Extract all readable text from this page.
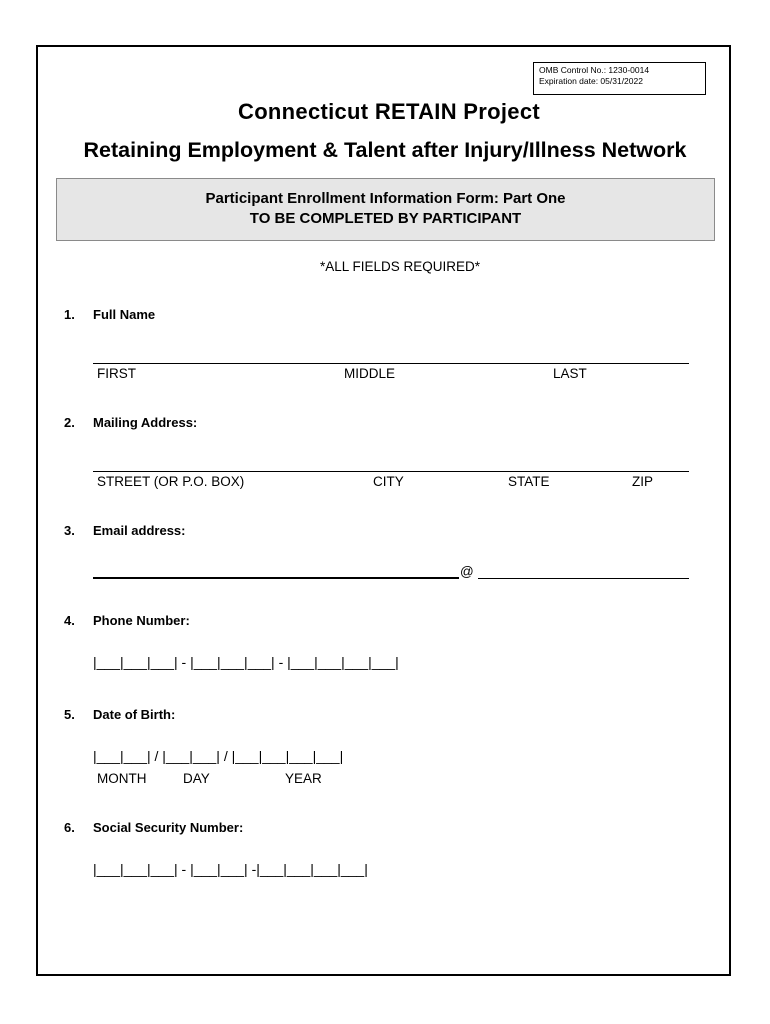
OMB Control No.: 1230-0014
Expiration date: 05/31/2022
Connecticut RETAIN Project
Retaining Employment & Talent after Injury/Illness Network
Participant Enrollment Information Form: Part One
TO BE COMPLETED BY PARTICIPANT
*ALL FIELDS REQUIRED*
1. Full Name
FIRST	MIDDLE	LAST
2. Mailing Address:
STREET (OR P.O. BOX)	CITY	STATE	ZIP
3. Email address:
@
4. Phone Number:
|___|___|___| - |___|___|___| - |___|___|___|___|
5. Date of Birth:
|___|___| / |___|___| / |___|___|___|___|
MONTH	DAY	YEAR
6. Social Security Number:
|___|___|___| - |___|___| -|___|___|___|___|
